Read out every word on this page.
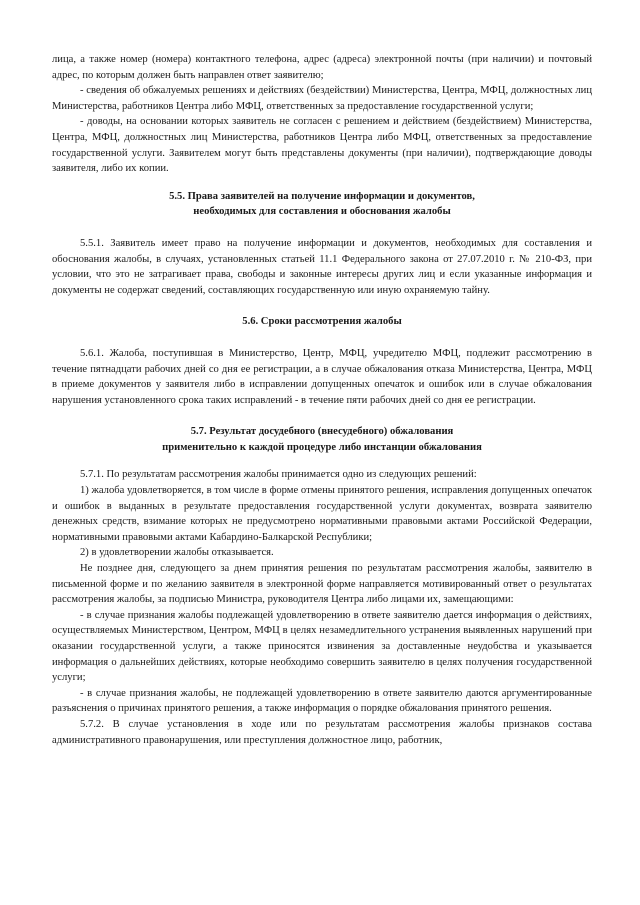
лица, а также номер (номера) контактного телефона, адрес (адреса) электронной почты (при наличии) и почтовый адрес, по которым должен быть направлен ответ заявителю;

- сведения об обжалуемых решениях и действиях (бездействии) Министерства, Центра, МФЦ, должностных лиц Министерства, работников Центра либо МФЦ, ответственных за предоставление государственной услуги;

- доводы, на основании которых заявитель не согласен с решением и действием (бездействием) Министерства, Центра, МФЦ, должностных лиц Министерства, работников Центра либо МФЦ, ответственных за предоставление государственной услуги. Заявителем могут быть представлены документы (при наличии), подтверждающие доводы заявителя, либо их копии.

5.5. Права заявителей на получение информации и документов,

необходимых для составления и обоснования жалобы

5.5.1. Заявитель имеет право на получение информации и документов, необходимых для составления и обоснования жалобы, в случаях, установленных статьей 11.1 Федерального закона от 27.07.2010 г. № 210-ФЗ, при условии, что это не затрагивает права, свободы и законные интересы других лиц и если указанные информация и документы не содержат сведений, составляющих государственную или иную охраняемую тайну.

5.6. Сроки рассмотрения жалобы

5.6.1. Жалоба, поступившая в Министерство, Центр, МФЦ, учредителю МФЦ, подлежит рассмотрению в течение пятнадцати рабочих дней со дня ее регистрации, а в случае обжалования отказа Министерства, Центра, МФЦ в приеме документов у заявителя либо в исправлении допущенных опечаток и ошибок или в случае обжалования нарушения установленного срока таких исправлений - в течение пяти рабочих дней со дня ее регистрации.

5.7. Результат досудебного (внесудебного) обжалования

применительно к каждой процедуре либо инстанции обжалования

5.7.1. По результатам рассмотрения жалобы принимается одно из следующих решений:

1) жалоба удовлетворяется, в том числе в форме отмены принятого решения, исправления допущенных опечаток и ошибок в выданных в результате предоставления государственной услуги документах, возврата заявителю денежных средств, взимание которых не предусмотрено нормативными правовыми актами Российской Федерации, нормативными правовыми актами Кабардино-Балкарской Республики;

2) в удовлетворении жалобы отказывается.

Не позднее дня, следующего за днем принятия решения по результатам рассмотрения жалобы, заявителю в письменной форме и по желанию заявителя в электронной форме направляется мотивированный ответ о результатах рассмотрения жалобы, за подписью Министра, руководителя Центра либо лицами их, замещающими:

- в случае признания жалобы подлежащей удовлетворению в ответе заявителю дается информация о действиях, осуществляемых Министерством, Центром, МФЦ в целях незамедлительного устранения выявленных нарушений при оказании государственной услуги, а также приносятся извинения за доставленные неудобства и указывается информация о дальнейших действиях, которые необходимо совершить заявителю в целях получения государственной услуги;

- в случае признания жалобы, не подлежащей удовлетворению в ответе заявителю даются аргументированные разъяснения о причинах принятого решения, а также информация о порядке обжалования принятого решения.

5.7.2. В случае установления в ходе или по результатам рассмотрения жалобы признаков состава административного правонарушения, или преступления должностное лицо, работник,
